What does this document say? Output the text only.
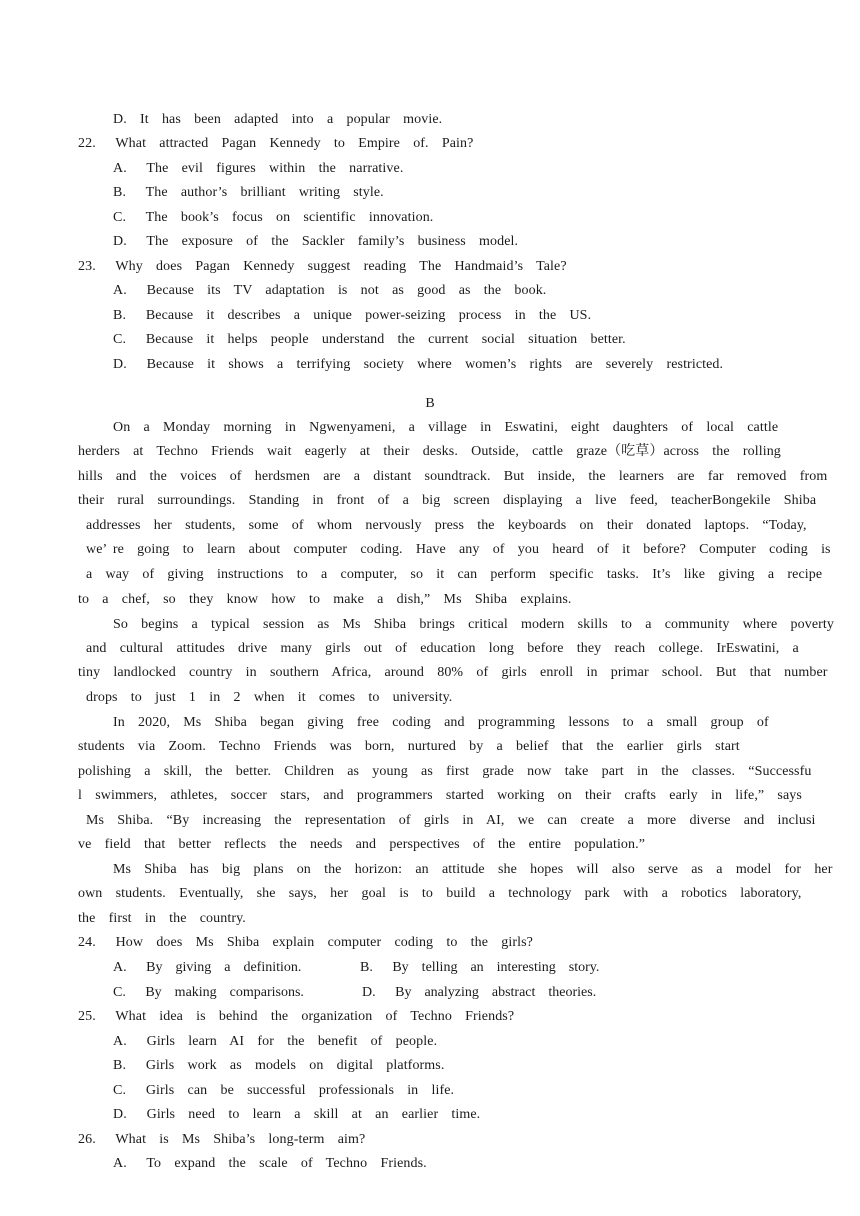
D.  It  has  been  adapted  into  a  popular  movie.
22.   What  attracted  Pagan  Kennedy  to  Empire  of.  Pain?
A.   The  evil  figures  within  the  narrative.
B.   The  author’s  brilliant  writing  style.
C.   The  book’s  focus  on  scientific  innovation.
D.   The  exposure  of  the  Sackler  family’s  business  model.
23.   Why  does  Pagan  Kennedy  suggest  reading  The  Handmaid’s  Tale?
A.   Because  its  TV  adaptation  is  not  as  good  as  the  book.
B.   Because  it  describes  a  unique  power-seizing  process  in  the  US.
C.   Because  it  helps  people  understand  the  current  social  situation  better.
D.   Because  it  shows  a  terrifying  society  where  women’s  rights  are  severely  restricted.
B
On  a  Monday  morning  in  Ngwenyameni,  a  village  in  Eswatini,  eight  daughters  of  local  cattle
herders  at  Techno  Friends  wait  eagerly  at  their  desks.  Outside,  cattle  graze（吃草）across  the  rolling
hills  and  the  voices  of  herdsmen  are  a  distant  soundtrack.  But  inside,  the  learners  are  far  removed  from
their  rural  surroundings.  Standing  in  front  of  a  big  screen  displaying  a  live  feed,  teacherBongekile  Shiba
addresses  her  students,  some  of  whom  nervously  press  the  keyboards  on  their  donated  laptops.  “Today,
we’ re  going  to  learn  about  computer  coding.  Have  any  of  you  heard  of  it  before?  Computer  coding  is
a  way  of  giving  instructions  to  a  computer,  so  it  can  perform  specific  tasks.  It’s  like  giving  a  recipe
to  a  chef,  so  they  know  how  to  make  a  dish,”  Ms  Shiba  explains.
So  begins  a  typical  session  as  Ms  Shiba  brings  critical  modern  skills  to  a  community  where  poverty
and  cultural  attitudes  drive  many  girls  out  of  education  long  before  they  reach  college.  IrEswatini,  a
tiny  landlocked  country  in  southern  Africa,  around  80%  of  girls  enroll  in  primar  school.  But  that  number
drops  to  just  1  in  2  when  it  comes  to  university.
In  2020,  Ms  Shiba  began  giving  free  coding  and  programming  lessons  to  a  small  group  of
students  via  Zoom.  Techno  Friends  was  born,  nurtured  by  a  belief  that  the  earlier  girls  start
polishing  a  skill,  the  better.  Children  as  young  as  first  grade  now  take  part  in  the  classes.  “Successfu
l  swimmers,  athletes,  soccer  stars,  and  programmers  started  working  on  their  crafts  early  in  life,”  says
Ms  Shiba.  “By  increasing  the  representation  of  girls  in  AI,  we  can  create  a  more  diverse  and  inclusi
ve  field  that  better  reflects  the  needs  and  perspectives  of  the  entire  population.”
Ms  Shiba  has  big  plans  on  the  horizon:  an  attitude  she  hopes  will  also  serve  as  a  model  for  her
own  students.  Eventually,  she  says,  her  goal  is  to  build  a  technology  park  with  a  robotics  laboratory,
the  first  in  the  country.
24.   How  does  Ms  Shiba  explain  computer  coding  to  the  girls?
A.   By  giving  a  definition.	B.   By  telling  an  interesting  story.
C.   By  making  comparisons.	D.   By  analyzing  abstract  theories.
25.   What  idea  is  behind  the  organization  of  Techno  Friends?
A.   Girls  learn  AI  for  the  benefit  of  people.
B.   Girls  work  as  models  on  digital  platforms.
C.   Girls  can  be  successful  professionals  in  life.
D.   Girls  need  to  learn  a  skill  at  an  earlier  time.
26.   What  is  Ms  Shiba’s  long-term  aim?
A.   To  expand  the  scale  of  Techno  Friends.
